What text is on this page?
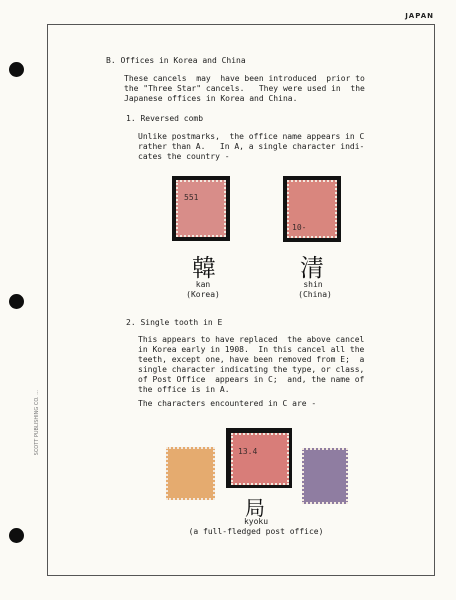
JAPAN
B. Offices in Korea and China
These cancels  may  have been introduced  prior to
the "Three Star" cancels.   They were used in  the
Japanese offices in Korea and China.
1. Reversed comb
Unlike postmarks,  the office name appears in C
rather than A.   In A, a single character indi-
cates the country -
551
10-
韓
kan
(Korea)
清
shin
(China)
2. Single tooth in E
This appears to have replaced  the above cancel
in Korea early in 1908.  In this cancel all the
teeth, except one, have been removed from E;  a
single character indicating the type, or class,
of Post Office  appears in C;  and, the name of
the office is in A.
The characters encountered in C are -
13.4
局
kyoku
(a full-fledged post office)
SCOTT PUBLISHING CO. ...
